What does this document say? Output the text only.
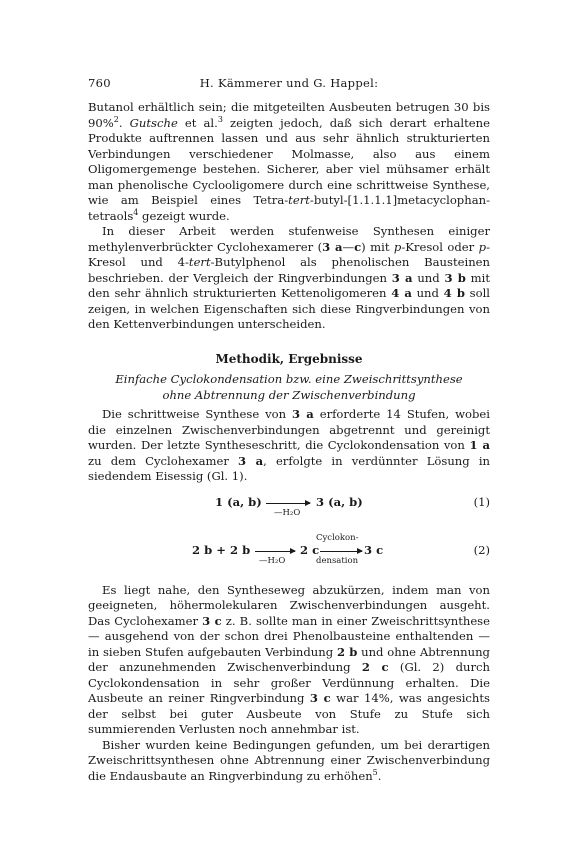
760	H. Kämmerer und G. Happel:

Butanol erhältlich sein; die mitgeteilten Ausbeuten betrugen 30 bis 90%$^2$. Gutsche et al.$^3$ zeigten jedoch, daß sich derart erhaltene Produkte auftrennen lassen und aus sehr ähnlich strukturierten Verbindungen verschiedener Molmasse, also aus einem Oligomergemenge bestehen. Sicherer, aber viel mühsamer erhält man phenolische Cyclooligomere durch eine schrittweise Synthese, wie am Beispiel eines Tetra-tert-butyl-[1.1.1.1]metacyclophan-tetraols$^4$ gezeigt wurde.

In dieser Arbeit werden stufenweise Synthesen einiger methylenverbrückter Cyclohexamerer (3 a—c) mit p-Kresol oder p-Kresol und 4-tert-Butylphenol als phenolischen Bausteinen beschrieben. der Vergleich der Ringverbindungen 3 a und 3 b mit den sehr ähnlich strukturierten Kettenoligomeren 4 a und 4 b soll zeigen, in welchen Eigenschaften sich diese Ringverbindungen von den Kettenverbindungen unterscheiden.

Methodik, Ergebnisse
Einfache Cyclokondensation bzw. eine Zweischrittsynthese
ohne Abtrennung der Zwischenverbindung

Die schrittweise Synthese von 3 a erforderte 14 Stufen, wobei die einzelnen Zwischenverbindungen abgetrennt und gereinigt wurden. Der letzte Syntheseschritt, die Cyclokondensation von 1 a zu dem Cyclohexamer 3 a, erfolgte in verdünnter Lösung in siedendem Eisessig (Gl. 1).

1 (a, b) →
—H₂O
3 (a, b)	(1)
2 b + 2 b →
—H₂O
2 c
Cyclokon-
densation
3 c	(2)

Es liegt nahe, den Syntheseweg abzukürzen, indem man von geeigneten, höhermolekularen Zwischenverbindungen ausgeht. Das Cyclohexamer 3 c z. B. sollte man in einer Zweischrittsynthese — ausgehend von der schon drei Phenolbausteine enthaltenden — in sieben Stufen aufgebauten Verbindung 2 b und ohne Abtrennung der anzunehmenden Zwischenverbindung 2 c (Gl. 2) durch Cyclokondensation in sehr großer Verdünnung erhalten. Die Ausbeute an reiner Ringverbindung 3 c war 14%, was angesichts der selbst bei guter Ausbeute von Stufe zu Stufe sich summierenden Verlusten noch annehmbar ist.

Bisher wurden keine Bedingungen gefunden, um bei derartigen Zweischrittsynthesen ohne Abtrennung einer Zwischenverbindung die Endausbaute an Ringverbindung zu erhöhen$^5$.
